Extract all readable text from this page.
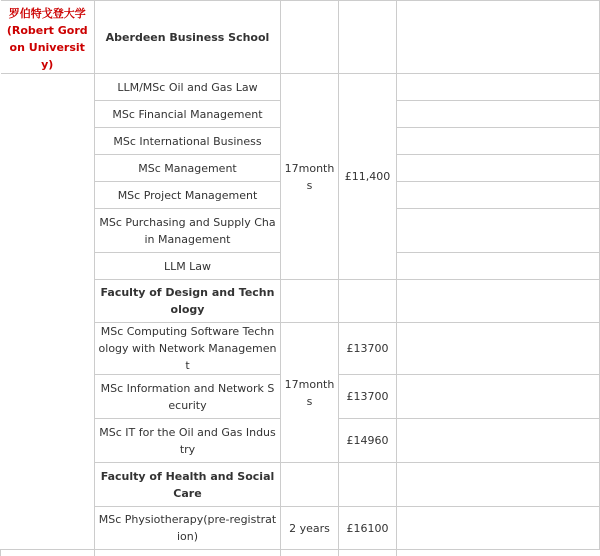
罗伯特戈登大学
(Robert Gordon University)	Aberdeen Business School			
	LLM/MSc Oil and Gas Law	17months	£11,400	
	MSc Financial Management			
	MSc International Business			
	MSc Management			
	MSc Project Management			
	MSc Purchasing and Supply Chain Management			
	LLM Law			
	Faculty of Design and Technology			
	MSc Computing Software Technology with Network Management	17months	£13700	
	MSc Information and Network Security		£13700	
	MSc IT for the Oil and Gas Industry		£14960	
	Faculty of Health and Social Care			
	MSc Physiotherapy(pre-registration)	2 years	£16100	
